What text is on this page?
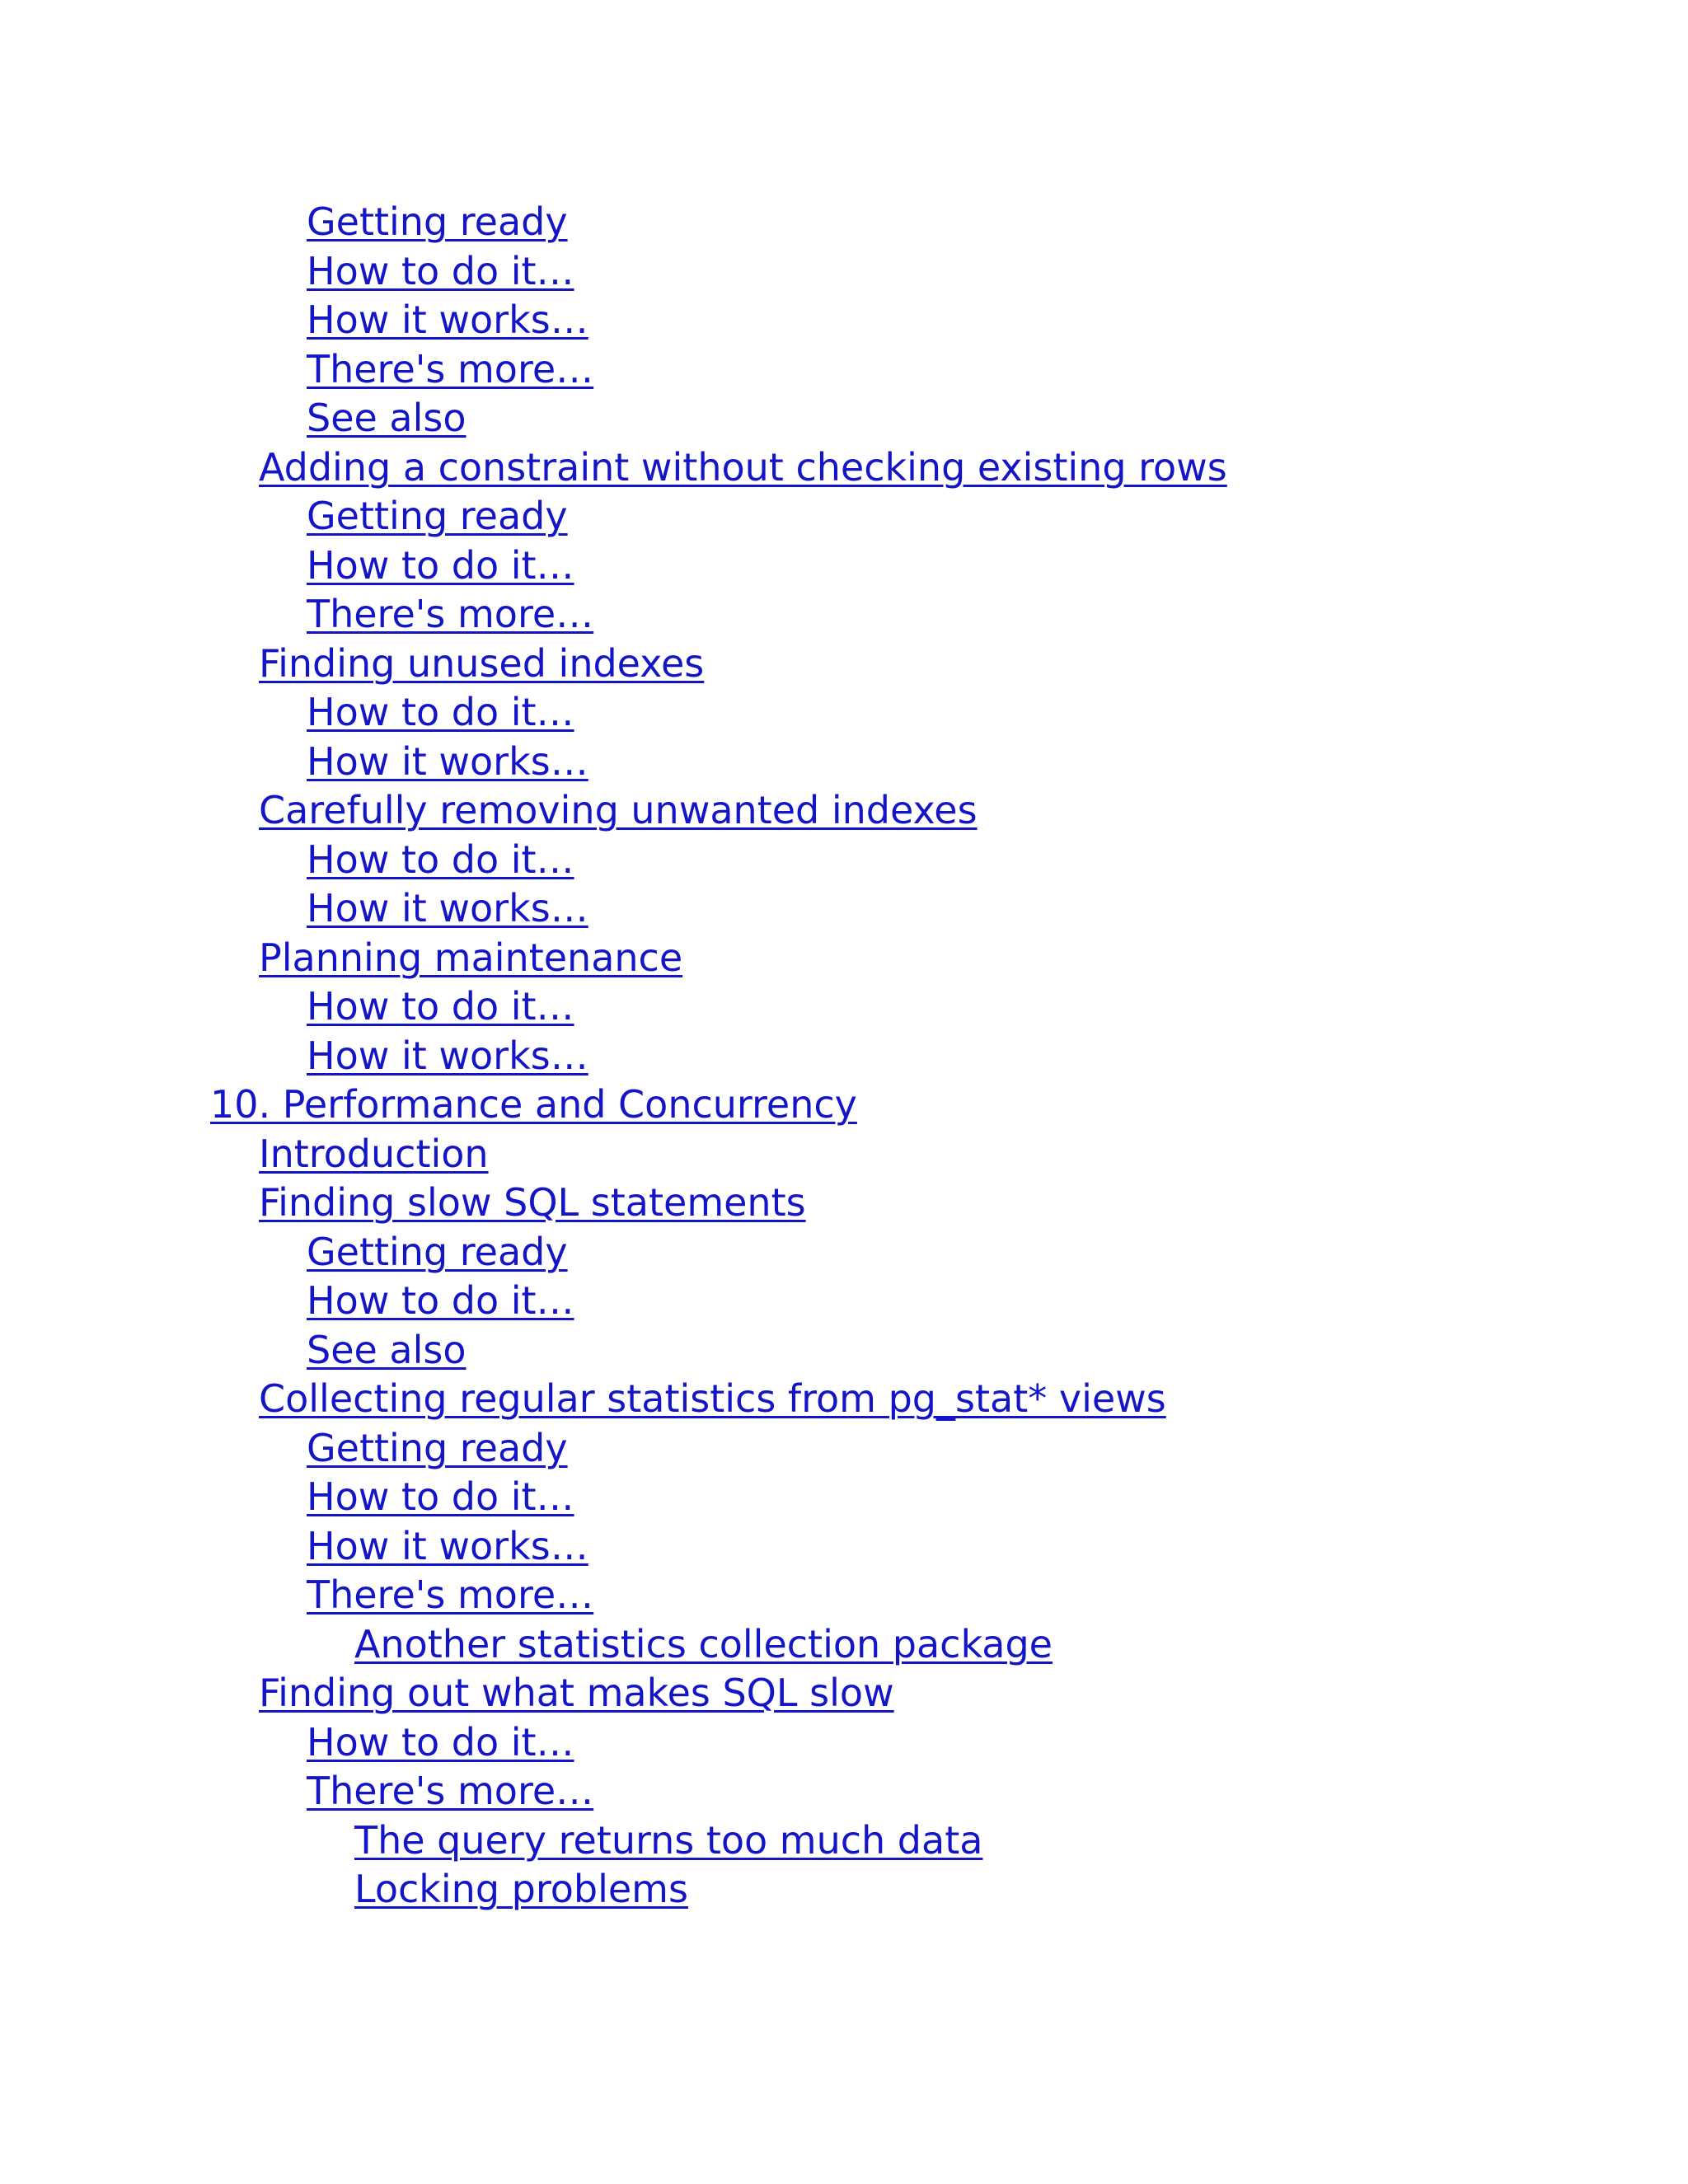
Getting ready
How to do it…
How it works…
There's more…
See also
Adding a constraint without checking existing rows
Getting ready
How to do it…
There's more…
Finding unused indexes
How to do it…
How it works…
Carefully removing unwanted indexes
How to do it…
How it works…
Planning maintenance
How to do it…
How it works…
10. Performance and Concurrency
Introduction
Finding slow SQL statements
Getting ready
How to do it…
See also
Collecting regular statistics from pg_stat* views
Getting ready
How to do it…
How it works…
There's more…
Another statistics collection package
Finding out what makes SQL slow
How to do it…
There's more…
The query returns too much data
Locking problems
